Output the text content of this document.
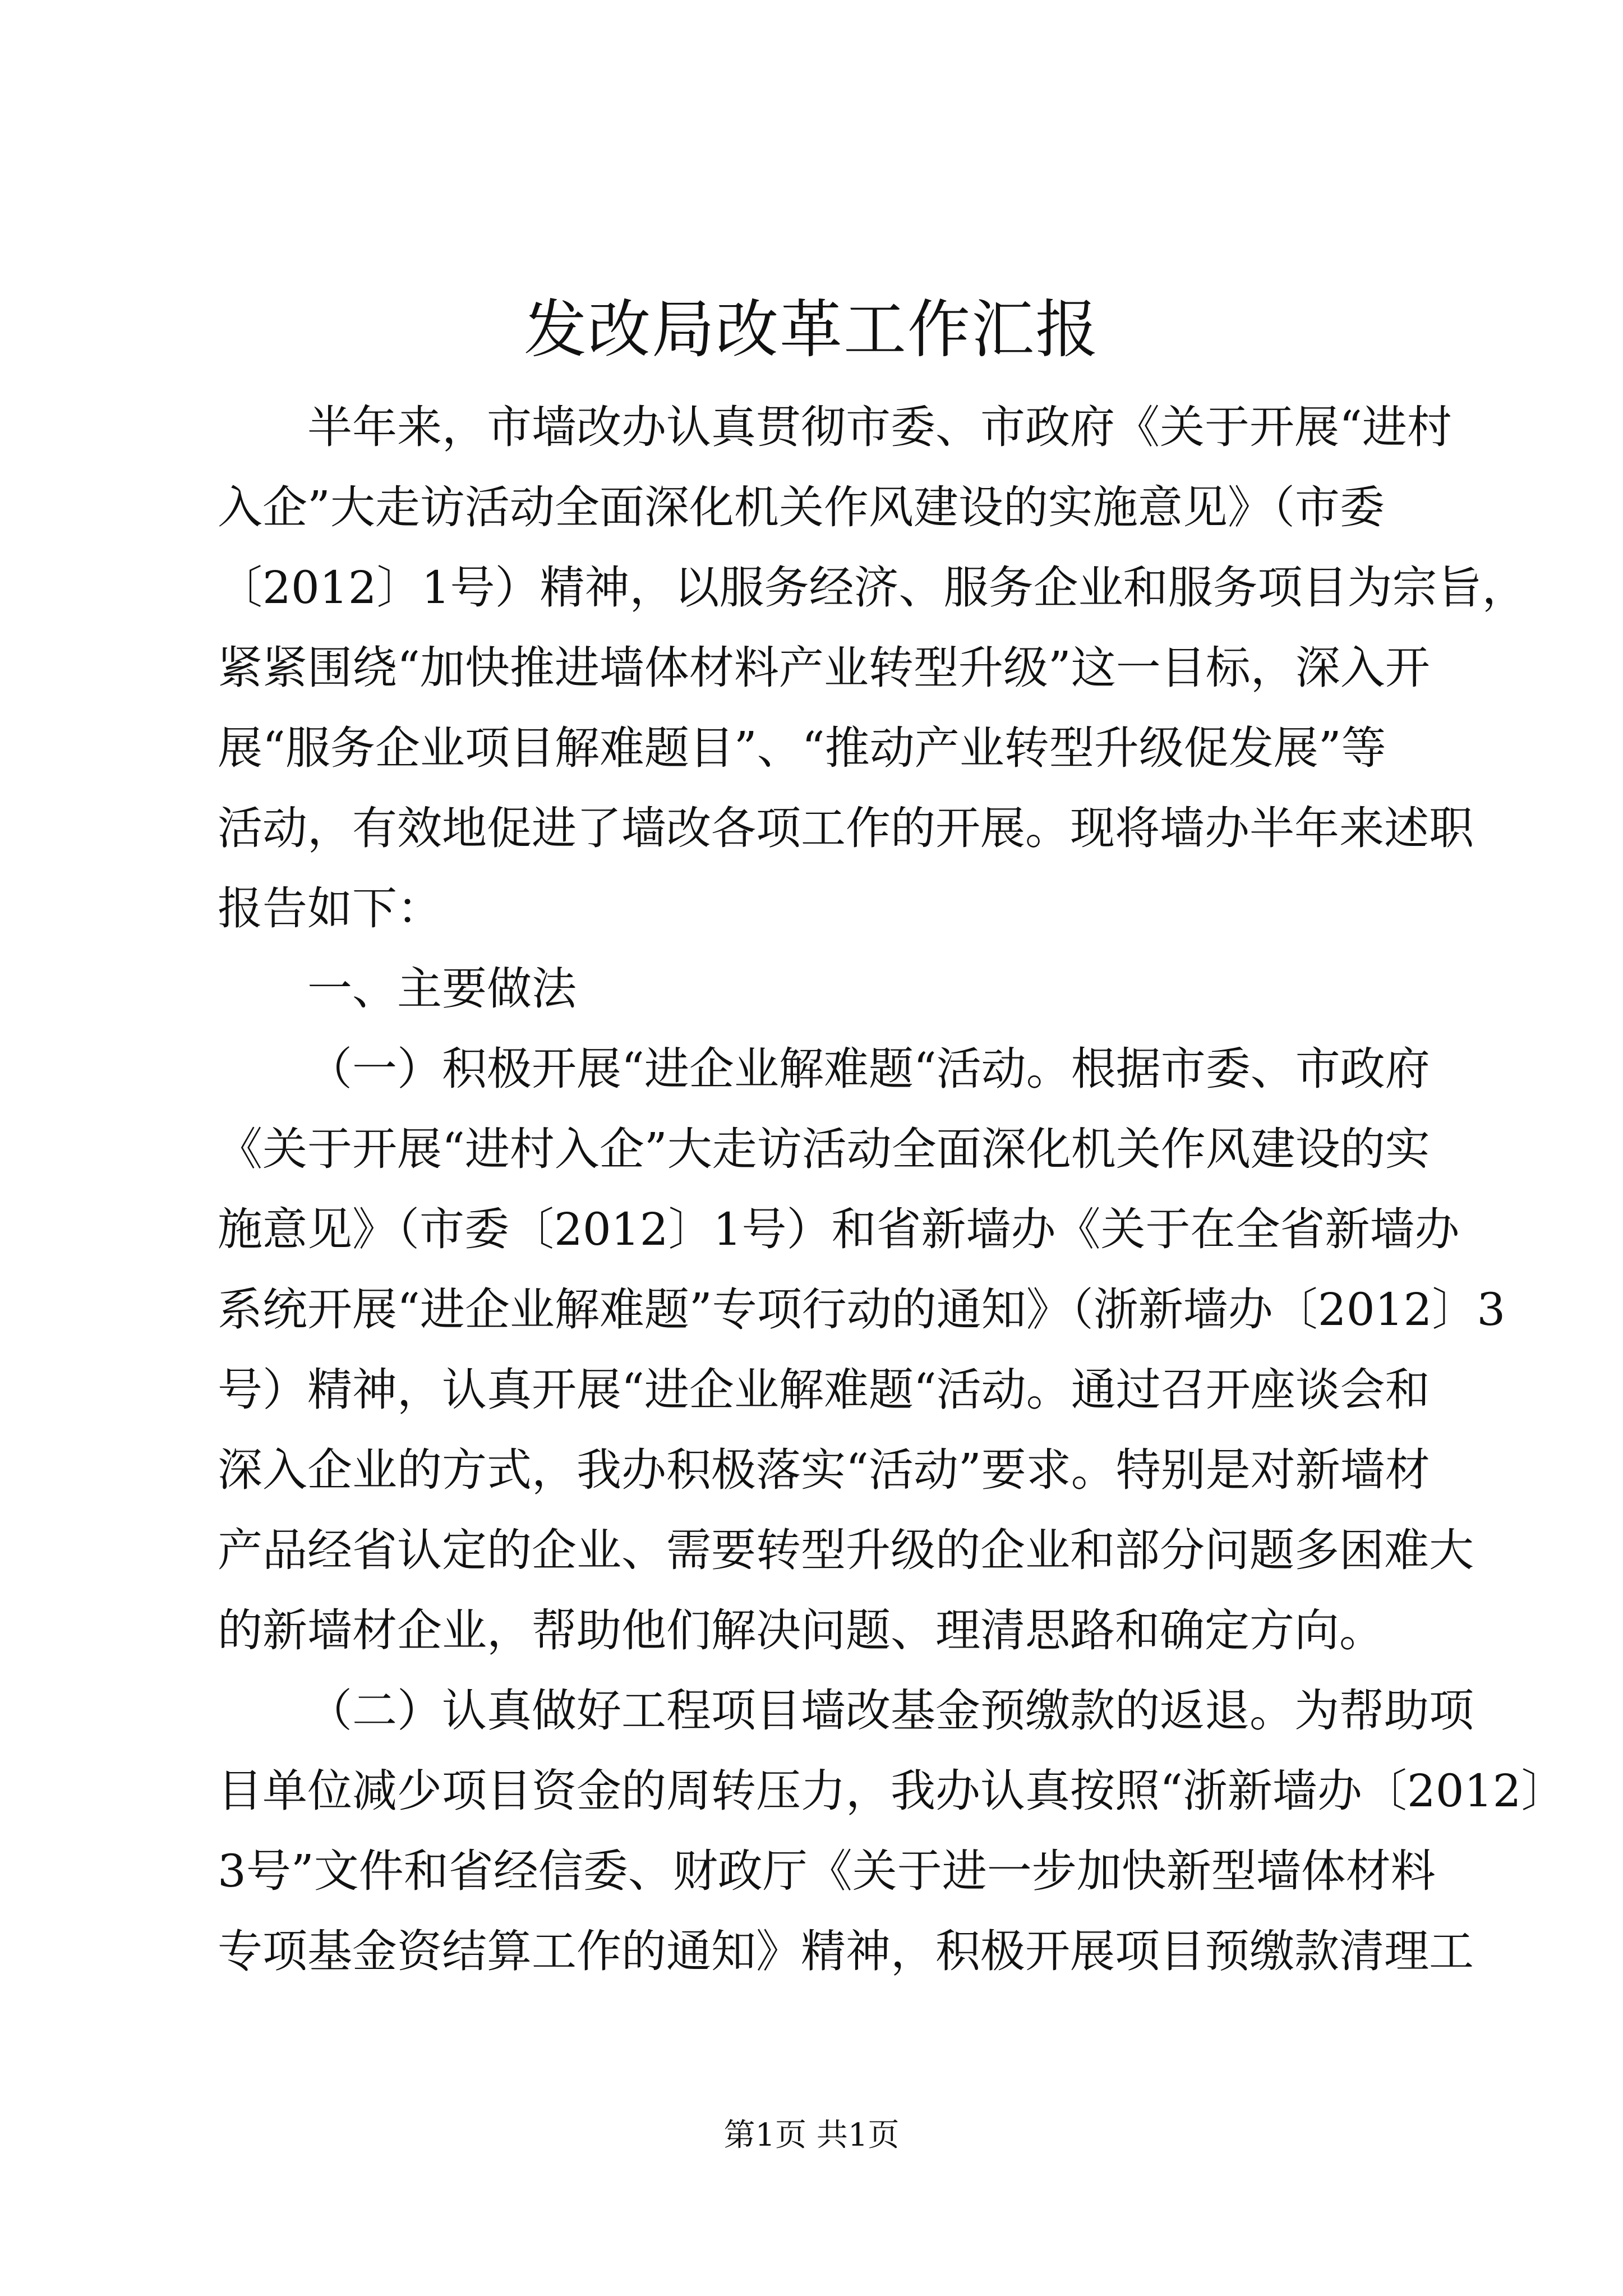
发改局改革工作汇报

半年来，市墙改办认真贯彻市委、市政府《关于开展“进村

入企”大走访活动全面深化机关作风建设的实施意见》（市委

〔2012〕1号）精神，以服务经济、服务企业和服务项目为宗旨，

紧紧围绕“加快推进墙体材料产业转型升级”这一目标，深入开

展“服务企业项目解难题目”、“推动产业转型升级促发展”等

活动，有效地促进了墙改各项工作的开展。现将墙办半年来述职

报告如下：

一、主要做法

（一）积极开展“进企业解难题“活动。根据市委、市政府

《关于开展“进村入企”大走访活动全面深化机关作风建设的实

施意见》（市委〔2012〕1号）和省新墙办《关于在全省新墙办

系统开展“进企业解难题”专项行动的通知》（浙新墙办〔2012〕3

号）精神，认真开展“进企业解难题“活动。通过召开座谈会和

深入企业的方式，我办积极落实“活动”要求。特别是对新墙材

产品经省认定的企业、需要转型升级的企业和部分问题多困难大

的新墙材企业，帮助他们解决问题、理清思路和确定方向。

（二）认真做好工程项目墙改基金预缴款的返退。为帮助项

目单位减少项目资金的周转压力，我办认真按照“浙新墙办〔2012〕

3号”文件和省经信委、财政厅《关于进一步加快新型墙体材料

专项基金资结算工作的通知》精神，积极开展项目预缴款清理工

第1页 共1页
